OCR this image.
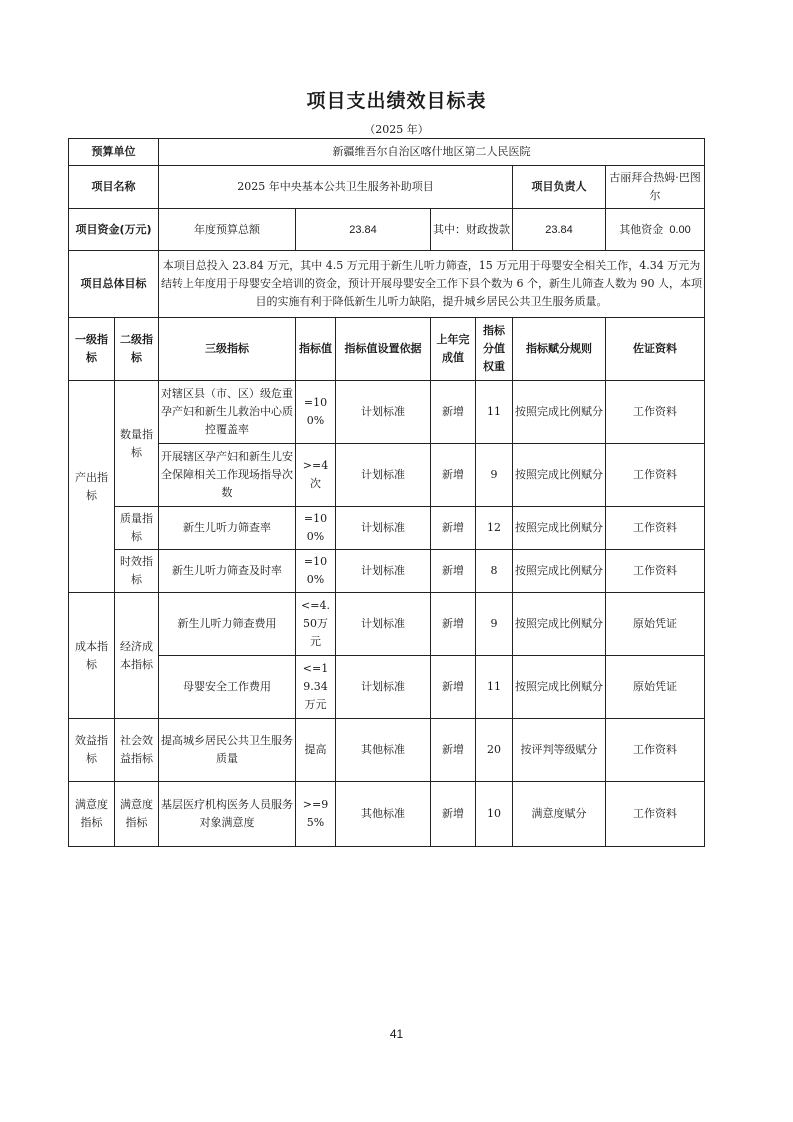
项目支出绩效目标表
（2025 年）
预算单位		新疆维吾尔自治区喀什地区第二人民医院						
项目名称		2025 年中央基本公共卫生服务补助项目					项目负责人	古丽拜合热姆·巴图尔
项目资金(万元)		年度预算总额	23.84		其中：财政拨款		23.84	其他资金 0.00
项目总体目标		本项目总投入 23.84 万元，其中 4.5 万元用于新生儿听力筛查，15 万元用于母婴安全相关工作，4.34 万元为结转上年度用于母婴安全培训的资金，预计开展母婴安全工作下县个数为 6 个，新生儿筛查人数为 90 人，本项目的实施有利于降低新生儿听力缺陷，提升城乡居民公共卫生服务质量。						
一级指标	二级指标	三级指标	指标值	指标值设置依据	上年完成值	指标分值权重	指标赋分规则	佐证资料
产出指标	数量指标	对辖区县（市、区）级危重孕产妇和新生儿救治中心质控覆盖率	=100%	计划标准	新增	11	按照完成比例赋分	工作资料
		开展辖区孕产妇和新生儿安全保障相关工作现场指导次数	>=4次	计划标准	新增	9	按照完成比例赋分	工作资料
	质量指标	新生儿听力筛查率	=100%	计划标准	新增	12	按照完成比例赋分	工作资料
	时效指标	新生儿听力筛查及时率	=100%	计划标准	新增	8	按照完成比例赋分	工作资料
成本指标	经济成本指标	新生儿听力筛查费用	<=4.50万元	计划标准	新增	9	按照完成比例赋分	原始凭证
		母婴安全工作费用	<=19.34万元	计划标准	新增	11	按照完成比例赋分	原始凭证
效益指标	社会效益指标	提高城乡居民公共卫生服务质量	提高	其他标准	新增	20	按评判等级赋分	工作资料
满意度指标	满意度指标	基层医疗机构医务人员服务对象满意度	>=95%	其他标准	新增	10	满意度赋分	工作资料
41
